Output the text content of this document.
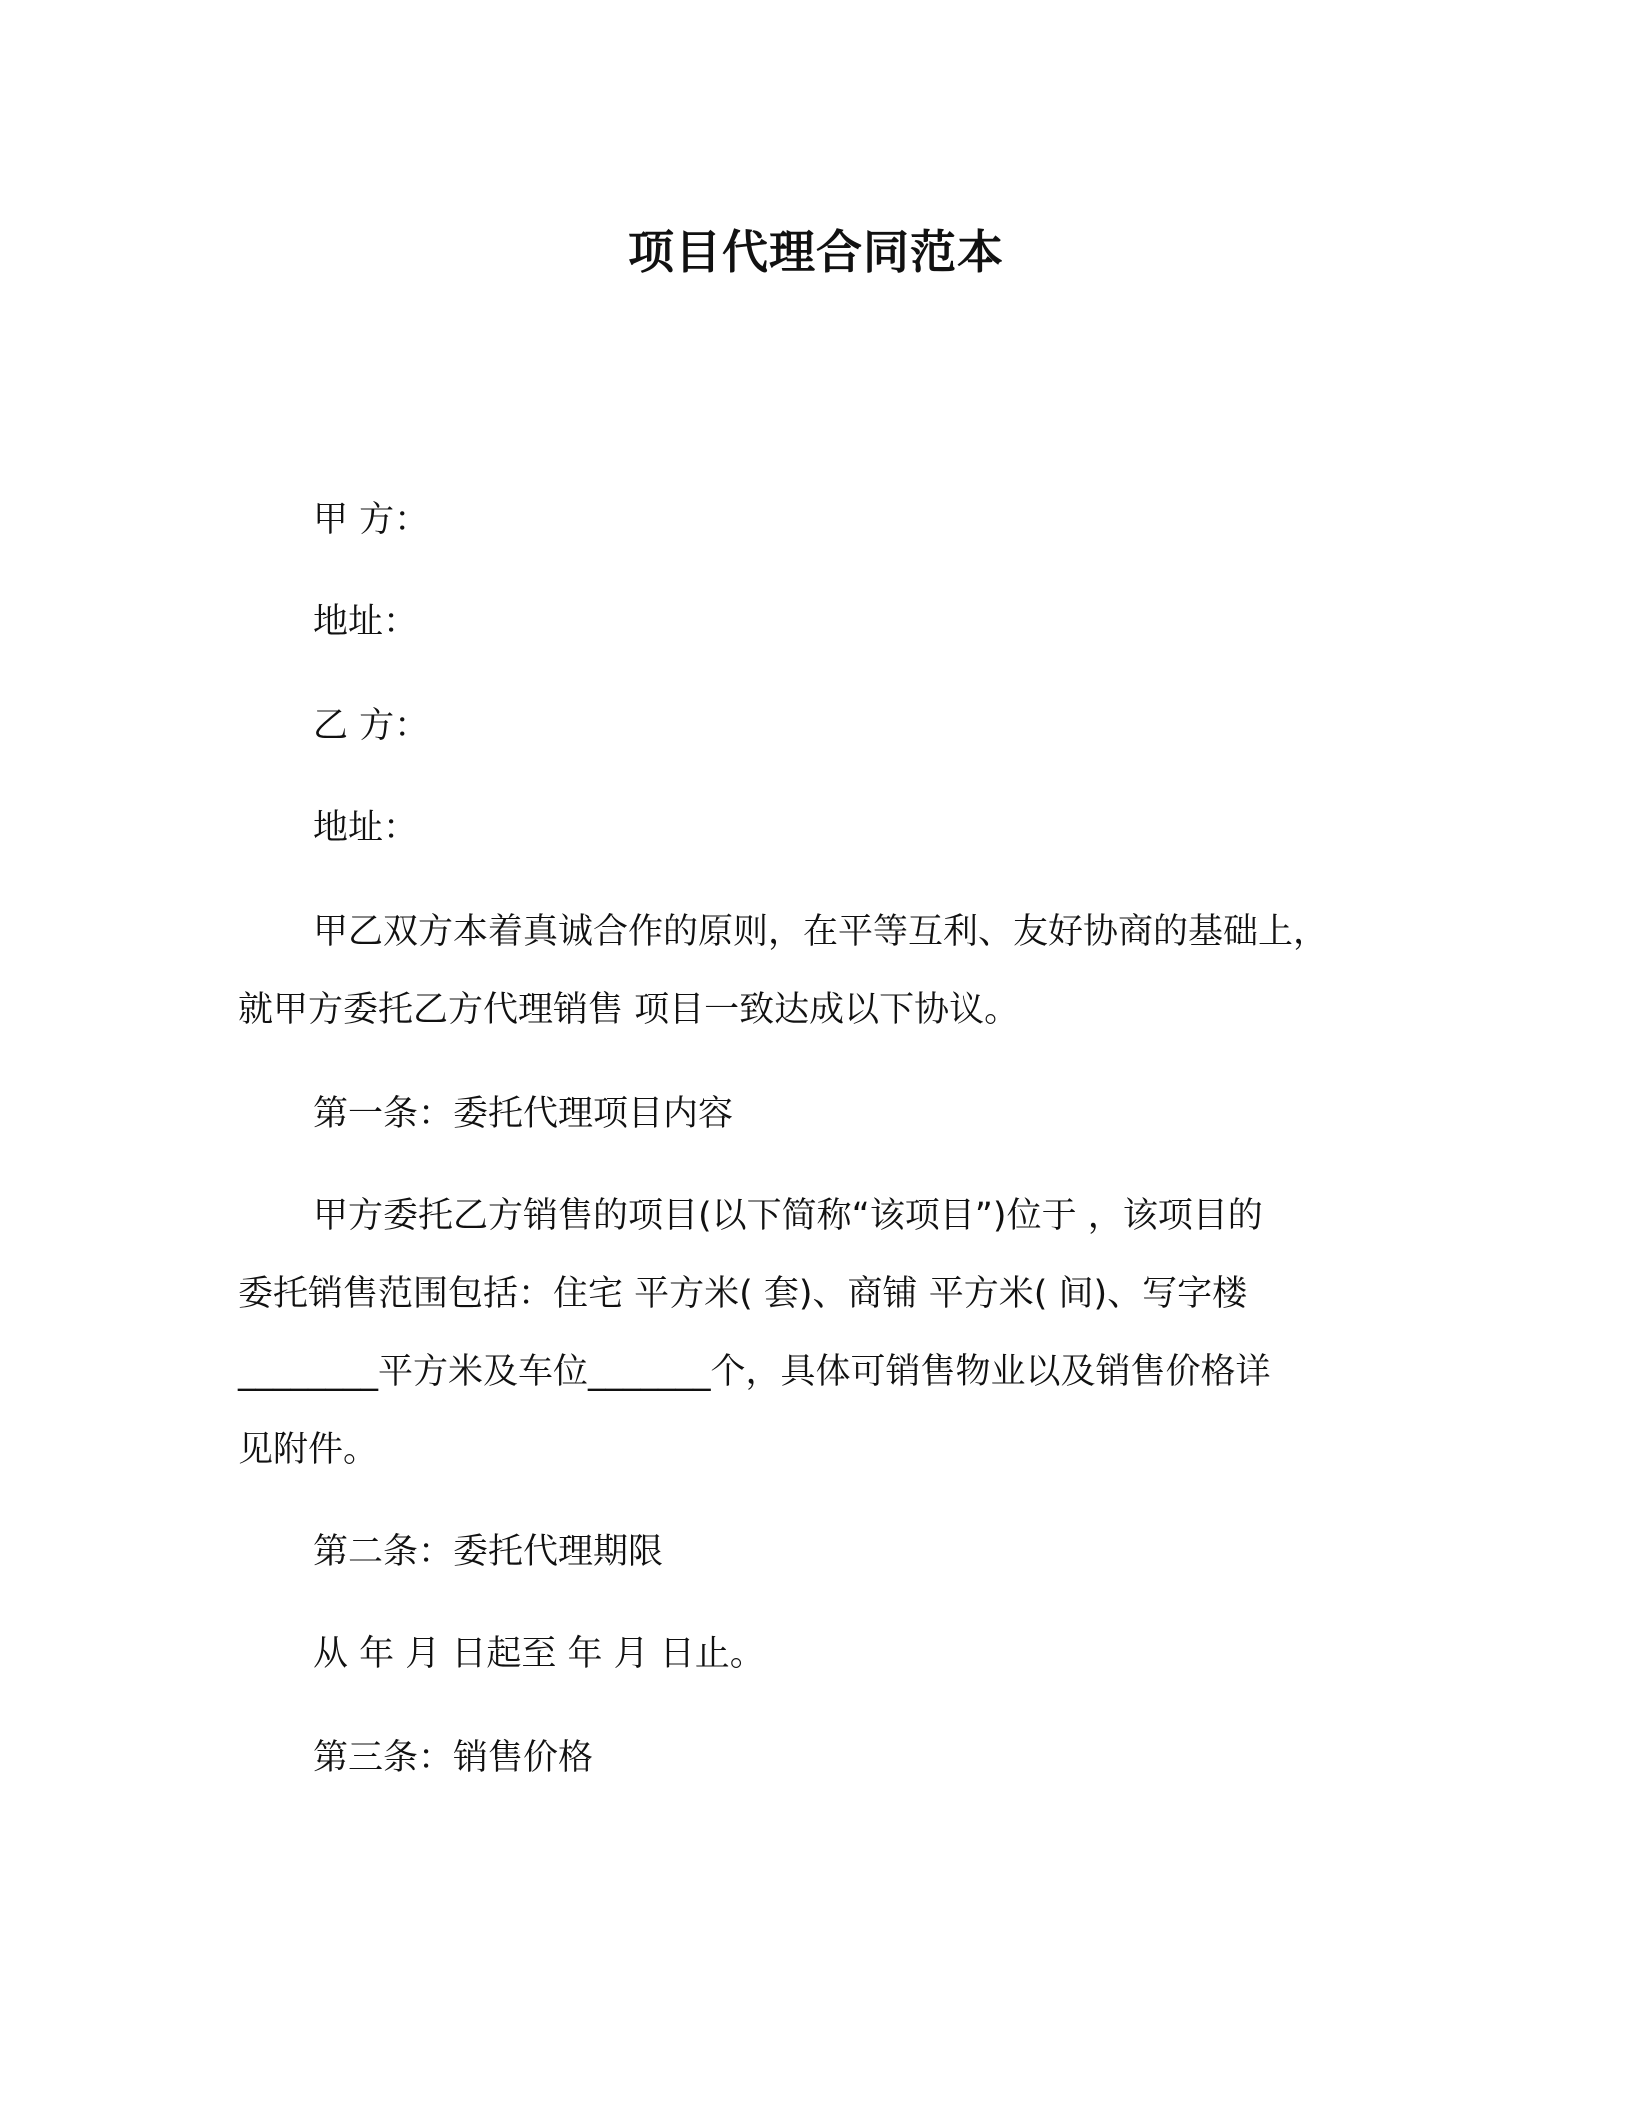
项目代理合同范本
甲 方：
地址：
乙 方：
地址：
甲乙双方本着真诚合作的原则，在平等互利、友好协商的基础上，
就甲方委托乙方代理销售 项目一致达成以下协议。
第一条：委托代理项目内容
甲方委托乙方销售的项目(以下简称“该项目”)位于 ，该项目的
委托销售范围包括：住宅 平方米( 套)、商铺 平方米( 间)、写字楼
________平方米及车位_______个，具体可销售物业以及销售价格详
见附件。
第二条：委托代理期限
从 年 月 日起至 年 月 日止。
第三条：销售价格
